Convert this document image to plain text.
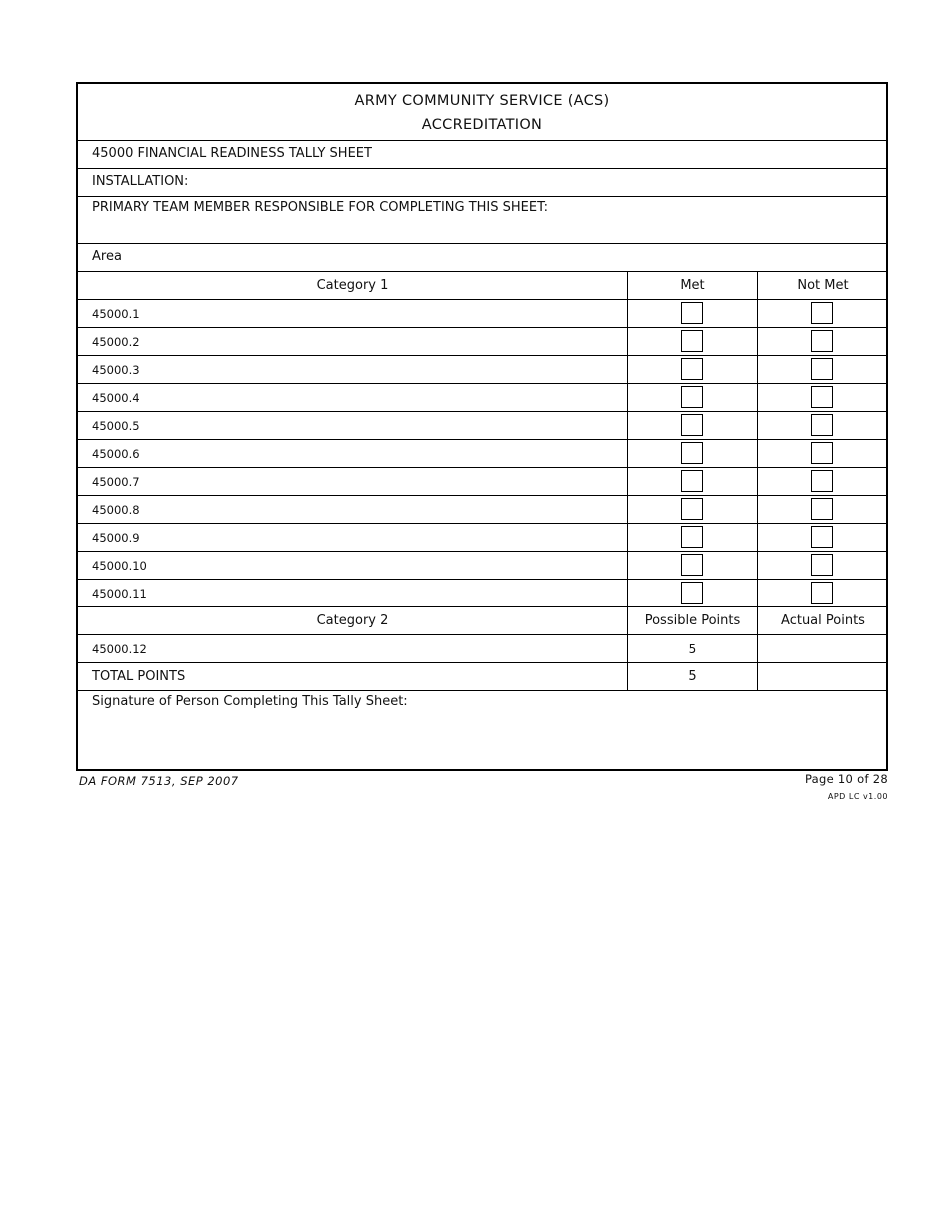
ARMY COMMUNITY SERVICE (ACS)
ACCREDITATION
45000 FINANCIAL READINESS TALLY SHEET
INSTALLATION:
PRIMARY TEAM MEMBER RESPONSIBLE FOR COMPLETING THIS SHEET:
Area
Category 1	Met	Not Met
45000.1
45000.2
45000.3
45000.4
45000.5
45000.6
45000.7
45000.8
45000.9
45000.10
45000.11
Category 2	Possible Points	Actual Points
45000.12	5
TOTAL POINTS	5
Signature of Person Completing This Tally Sheet:
DA FORM 7513, SEP 2007	Page 10 of 28
APD LC v1.00
